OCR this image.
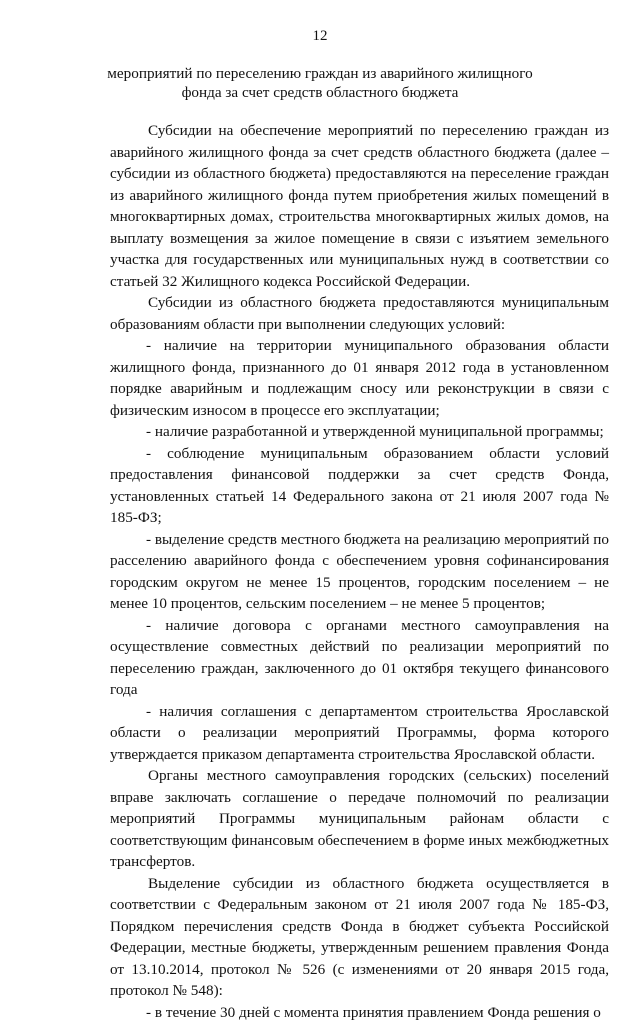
12
мероприятий по переселению граждан из аварийного жилищного фонда за счет средств областного бюджета

Субсидии на обеспечение мероприятий по переселению граждан из аварийного жилищного фонда за счет средств областного бюджета (далее – субсидии из областного бюджета) предоставляются на переселение граждан из аварийного жилищного фонда путем приобретения жилых помещений в многоквартирных домах, строительства многоквартирных жилых домов, на выплату возмещения за жилое помещение в связи с изъятием земельного участка для государственных или муниципальных нужд в соответствии со статьей 32 Жилищного кодекса Российской Федерации.

Субсидии из областного бюджета предоставляются муниципальным образованиям области при выполнении следующих условий:

- наличие на территории муниципального образования области жилищного фонда, признанного до 01 января 2012 года в установленном порядке аварийным и подлежащим сносу или реконструкции в связи с физическим износом в процессе его эксплуатации;

- наличие разработанной и утвержденной муниципальной программы;

- соблюдение муниципальным образованием области условий предоставления финансовой поддержки за счет средств Фонда, установленных статьей 14 Федерального закона от 21 июля 2007 года № 185-ФЗ;

- выделение средств местного бюджета на реализацию мероприятий по расселению аварийного фонда с обеспечением уровня софинансирования городским округом не менее 15 процентов, городским поселением – не менее 10 процентов, сельским поселением – не менее 5 процентов;

- наличие договора с органами местного самоуправления на осуществление совместных действий по реализации мероприятий по переселению граждан, заключенного до 01 октября текущего финансового года

- наличия соглашения с департаментом строительства Ярославской области о реализации мероприятий Программы, форма которого утверждается приказом департамента строительства Ярославской области.

Органы местного самоуправления городских (сельских) поселений вправе заключать соглашение о передаче полномочий по реализации мероприятий Программы муниципальным районам области с соответствующим финансовым обеспечением в форме иных межбюджетных трансфертов.

Выделение субсидии из областного бюджета осуществляется в соответствии с Федеральным законом от 21 июля 2007 года № 185-ФЗ, Порядком перечисления средств Фонда в бюджет субъекта Российской Федерации, местные бюджеты, утвержденным решением правления Фонда от 13.10.2014, протокол № 526 (с изменениями от 20 января 2015 года, протокол № 548):

- в течение 30 дней с момента принятия правлением Фонда решения о
